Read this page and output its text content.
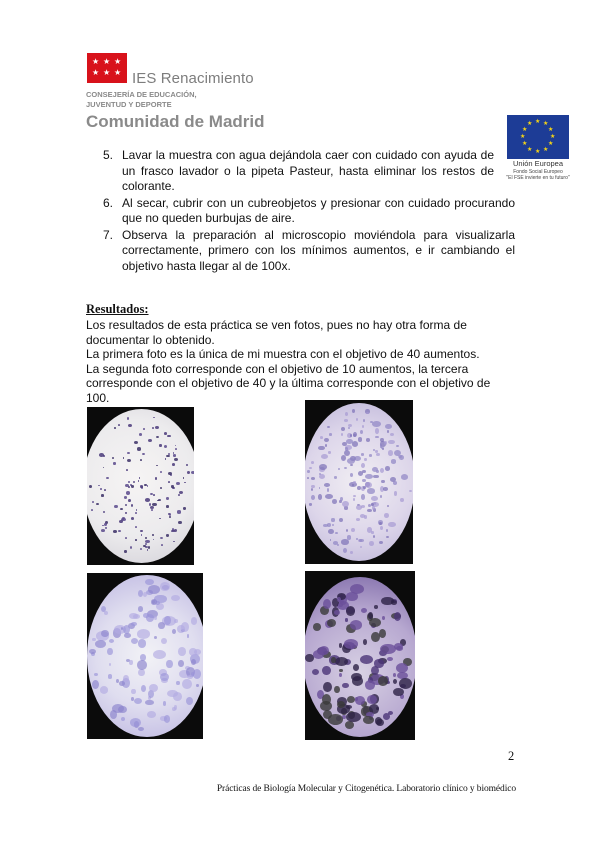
★ ★ ★
★ ★ ★ IES Renacimiento
CONSEJERÍA DE EDUCACIÓN, JUVENTUD Y DEPORTE
Comunidad de Madrid	★ ★
★
★
★
★
★
★
★
★
★
★
Unión Europea
Fondo Social Europeo
"El FSE invierte en tu futuro"
5. Lavar la muestra con agua dejándola caer con cuidado con ayuda de un frasco lavador o la pipeta Pasteur, hasta eliminar los restos de colorante.
6. Al secar, cubrir con un cubreobjetos y presionar con cuidado procurando que no queden burbujas de aire.
7. Observa la preparación al microscopio moviéndola para visualizarla correctamente, primero con los mínimos aumentos, e ir cambiando el objetivo hasta llegar al de 100x.
Resultados:

Los resultados de esta práctica se ven fotos, pues no hay otra forma de documentar lo obtenido.

La primera foto es la única de mi muestra con el objetivo de 40 aumentos.

La segunda foto corresponde con el objetivo de 10 aumentos, la tercera corresponde con el objetivo de 40 y la última corresponde con el objetivo de 100.

2
Prácticas de Biología Molecular y Citogenética. Laboratorio clínico y biomédico
